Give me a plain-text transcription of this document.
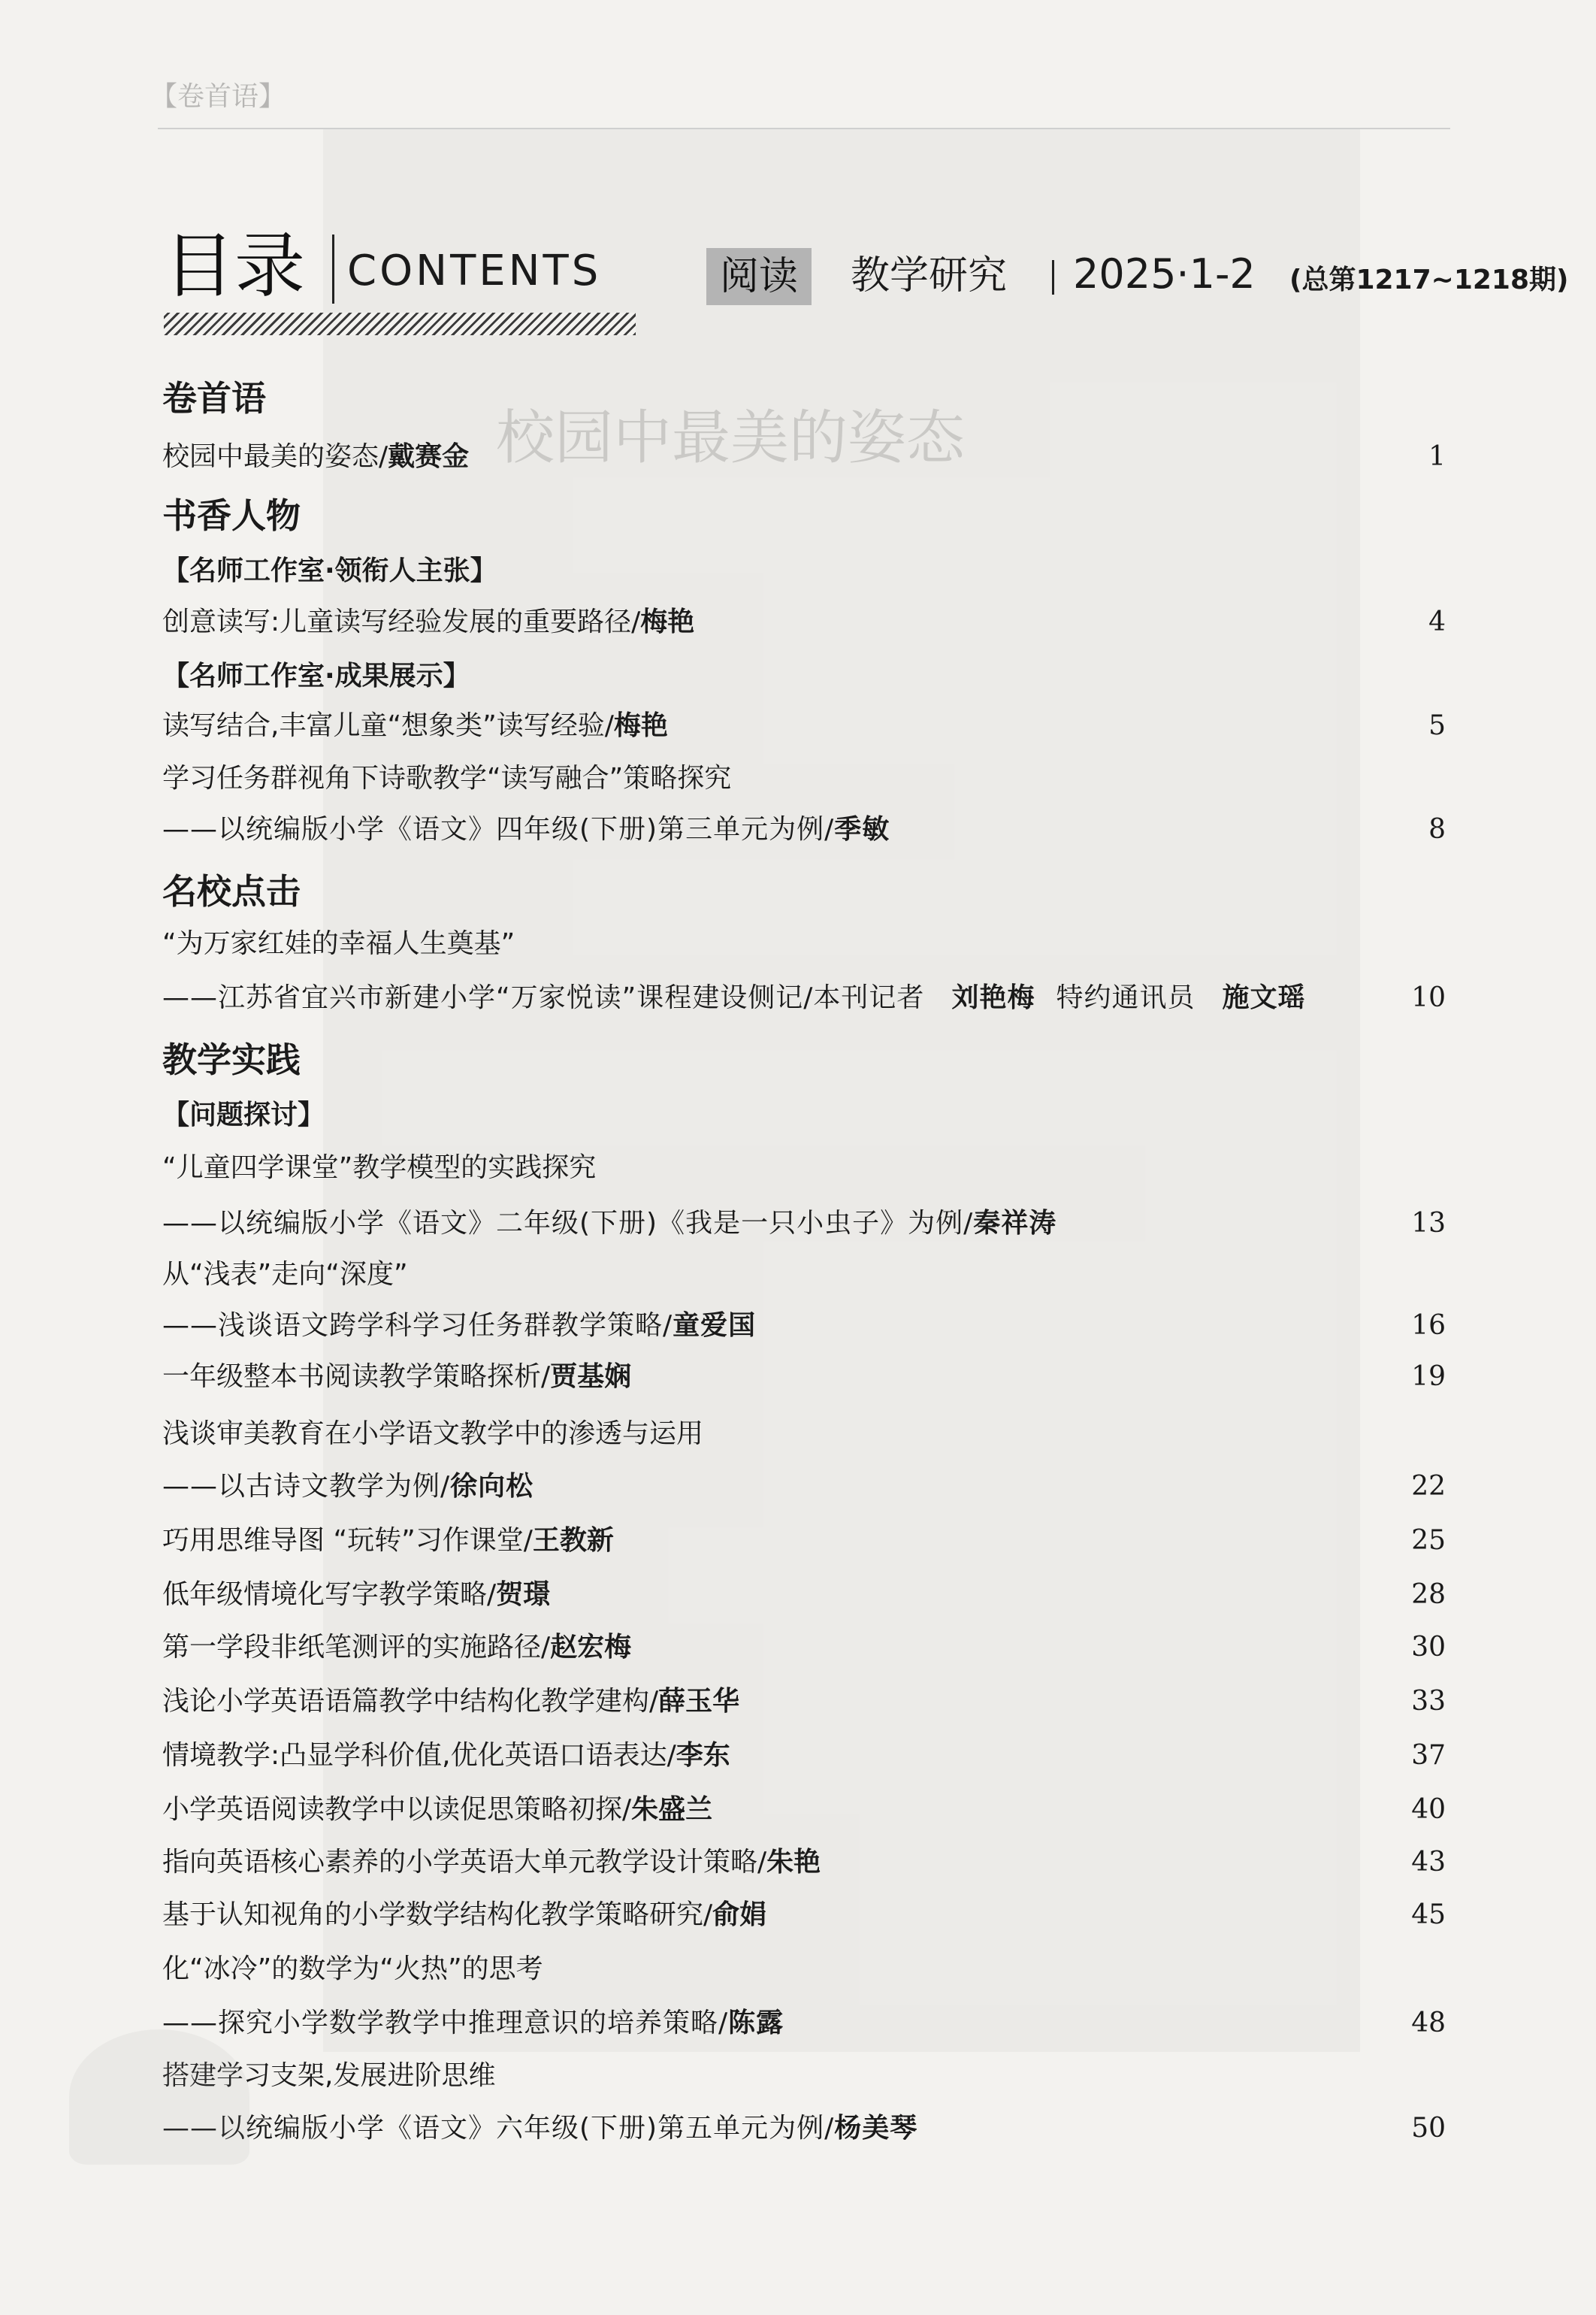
校园中最美的姿态
【卷首语】
目录 CONTENTS	阅读	教学研究 2025·1-2 (总第1217~1218期)
卷首语
校园中最美的姿态/戴赛金	1
书香人物
【名师工作室·领衔人主张】
创意读写:儿童读写经验发展的重要路径/梅艳	4
【名师工作室·成果展示】
读写结合,丰富儿童“想象类”读写经验/梅艳	5
学习任务群视角下诗歌教学“读写融合”策略探究
——以统编版小学《语文》四年级(下册)第三单元为例/季敏	8
名校点击
“为万家红娃的幸福人生奠基”
——江苏省宜兴市新建小学“万家悦读”课程建设侧记/本刊记者 刘艳梅 特约通讯员 施文瑶	10
教学实践
【问题探讨】
“儿童四学课堂”教学模型的实践探究
——以统编版小学《语文》二年级(下册)《我是一只小虫子》为例/秦祥涛	13
从“浅表”走向“深度”
——浅谈语文跨学科学习任务群教学策略/童爱国	16
一年级整本书阅读教学策略探析/贾基娴	19
浅谈审美教育在小学语文教学中的渗透与运用
——以古诗文教学为例/徐向松	22
巧用思维导图 “玩转”习作课堂/王教新	25
低年级情境化写字教学策略/贺璟	28
第一学段非纸笔测评的实施路径/赵宏梅	30
浅论小学英语语篇教学中结构化教学建构/薛玉华	33
情境教学:凸显学科价值,优化英语口语表达/李东	37
小学英语阅读教学中以读促思策略初探/朱盛兰	40
指向英语核心素养的小学英语大单元教学设计策略/朱艳	43
基于认知视角的小学数学结构化教学策略研究/俞娟	45
化“冰冷”的数学为“火热”的思考
——探究小学数学教学中推理意识的培养策略/陈露	48
搭建学习支架,发展进阶思维
——以统编版小学《语文》六年级(下册)第五单元为例/杨美琴	50
